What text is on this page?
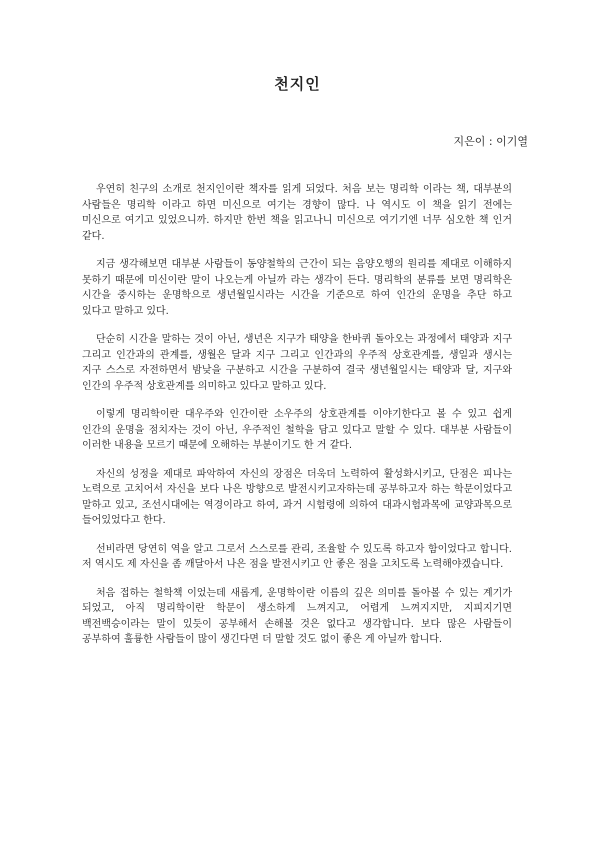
천지인

지은이 : 이기열

우연히 친구의 소개로 천지인이란 책자를 읽게 되었다. 처음 보는 명리학 이라는 책, 대부분의 사람들은 명리학 이라고 하면 미신으로 여기는 경향이 많다. 나 역시도 이 책을 읽기 전에는 미신으로 여기고 있었으니까. 하지만 한번 책을 읽고나니 미신으로 여기기엔 너무 심오한 책 인거 같다.

지금 생각해보면 대부분 사람들이 동양철학의 근간이 되는 음양오행의 원리를 제대로 이해하지 못하기 때문에 미신이란 말이 나오는게 아닐까 라는 생각이 든다. 명리학의 분류를 보면 명리학은 시간을 중시하는 운명학으로 생년월일시라는 시간을 기준으로 하여 인간의 운명을 추단 하고 있다고 말하고 있다.

단순히 시간을 말하는 것이 아닌, 생년은 지구가 태양을 한바퀴 돌아오는 과정에서 태양과 지구 그리고 인간과의 관계를, 생월은 달과 지구 그리고 인간과의 우주적 상호관계를, 생일과 생시는 지구 스스로 자전하면서 밤낮을 구분하고 시간을 구분하여 결국 생년월일시는 태양과 달, 지구와 인간의 우주적 상호관계를 의미하고 있다고 말하고 있다.

이렇게 명리학이란 대우주와 인간이란 소우주의 상호관계를 이야기한다고 볼 수 있고 쉽게 인간의 운명을 점치자는 것이 아닌, 우주적인 철학을 담고 있다고 말할 수 있다. 대부분 사람들이 이러한 내용을 모르기 때문에 오해하는 부분이기도 한 거 같다.

자신의 성정을 제대로 파악하여 자신의 장점은 더욱더 노력하여 활성화시키고, 단점은 피나는 노력으로 고치어서 자신을 보다 나은 방향으로 발전시키고자하는데 공부하고자 하는 학문이었다고 말하고 있고, 조선시대에는 역경이라고 하여, 과거 시험령에 의하여 대과시험과목에 교양과목으로 들어있었다고 한다.

선비라면 당연히 역을 알고 그로서 스스로를 관리, 조율할 수 있도록 하고자 함이었다고 합니다. 저 역시도 제 자신을 좀 깨달아서 나은 점을 발전시키고 안 좋은 점을 고치도록 노력해야겠습니다.

처음 접하는 철학책 이었는데 새롭게, 운명학이란 이름의 깊은 의미를 돌아볼 수 있는 계기가 되었고, 아직 명리학이란 학문이 생소하게 느껴지고, 어렵게 느껴지지만, 지피지기면 백전백승이라는 말이 있듯이 공부해서 손해볼 것은 없다고 생각합니다. 보다 많은 사람들이 공부하여 훌륭한 사람들이 많이 생긴다면 더 말할 것도 없이 좋은 게 아닐까 합니다.
